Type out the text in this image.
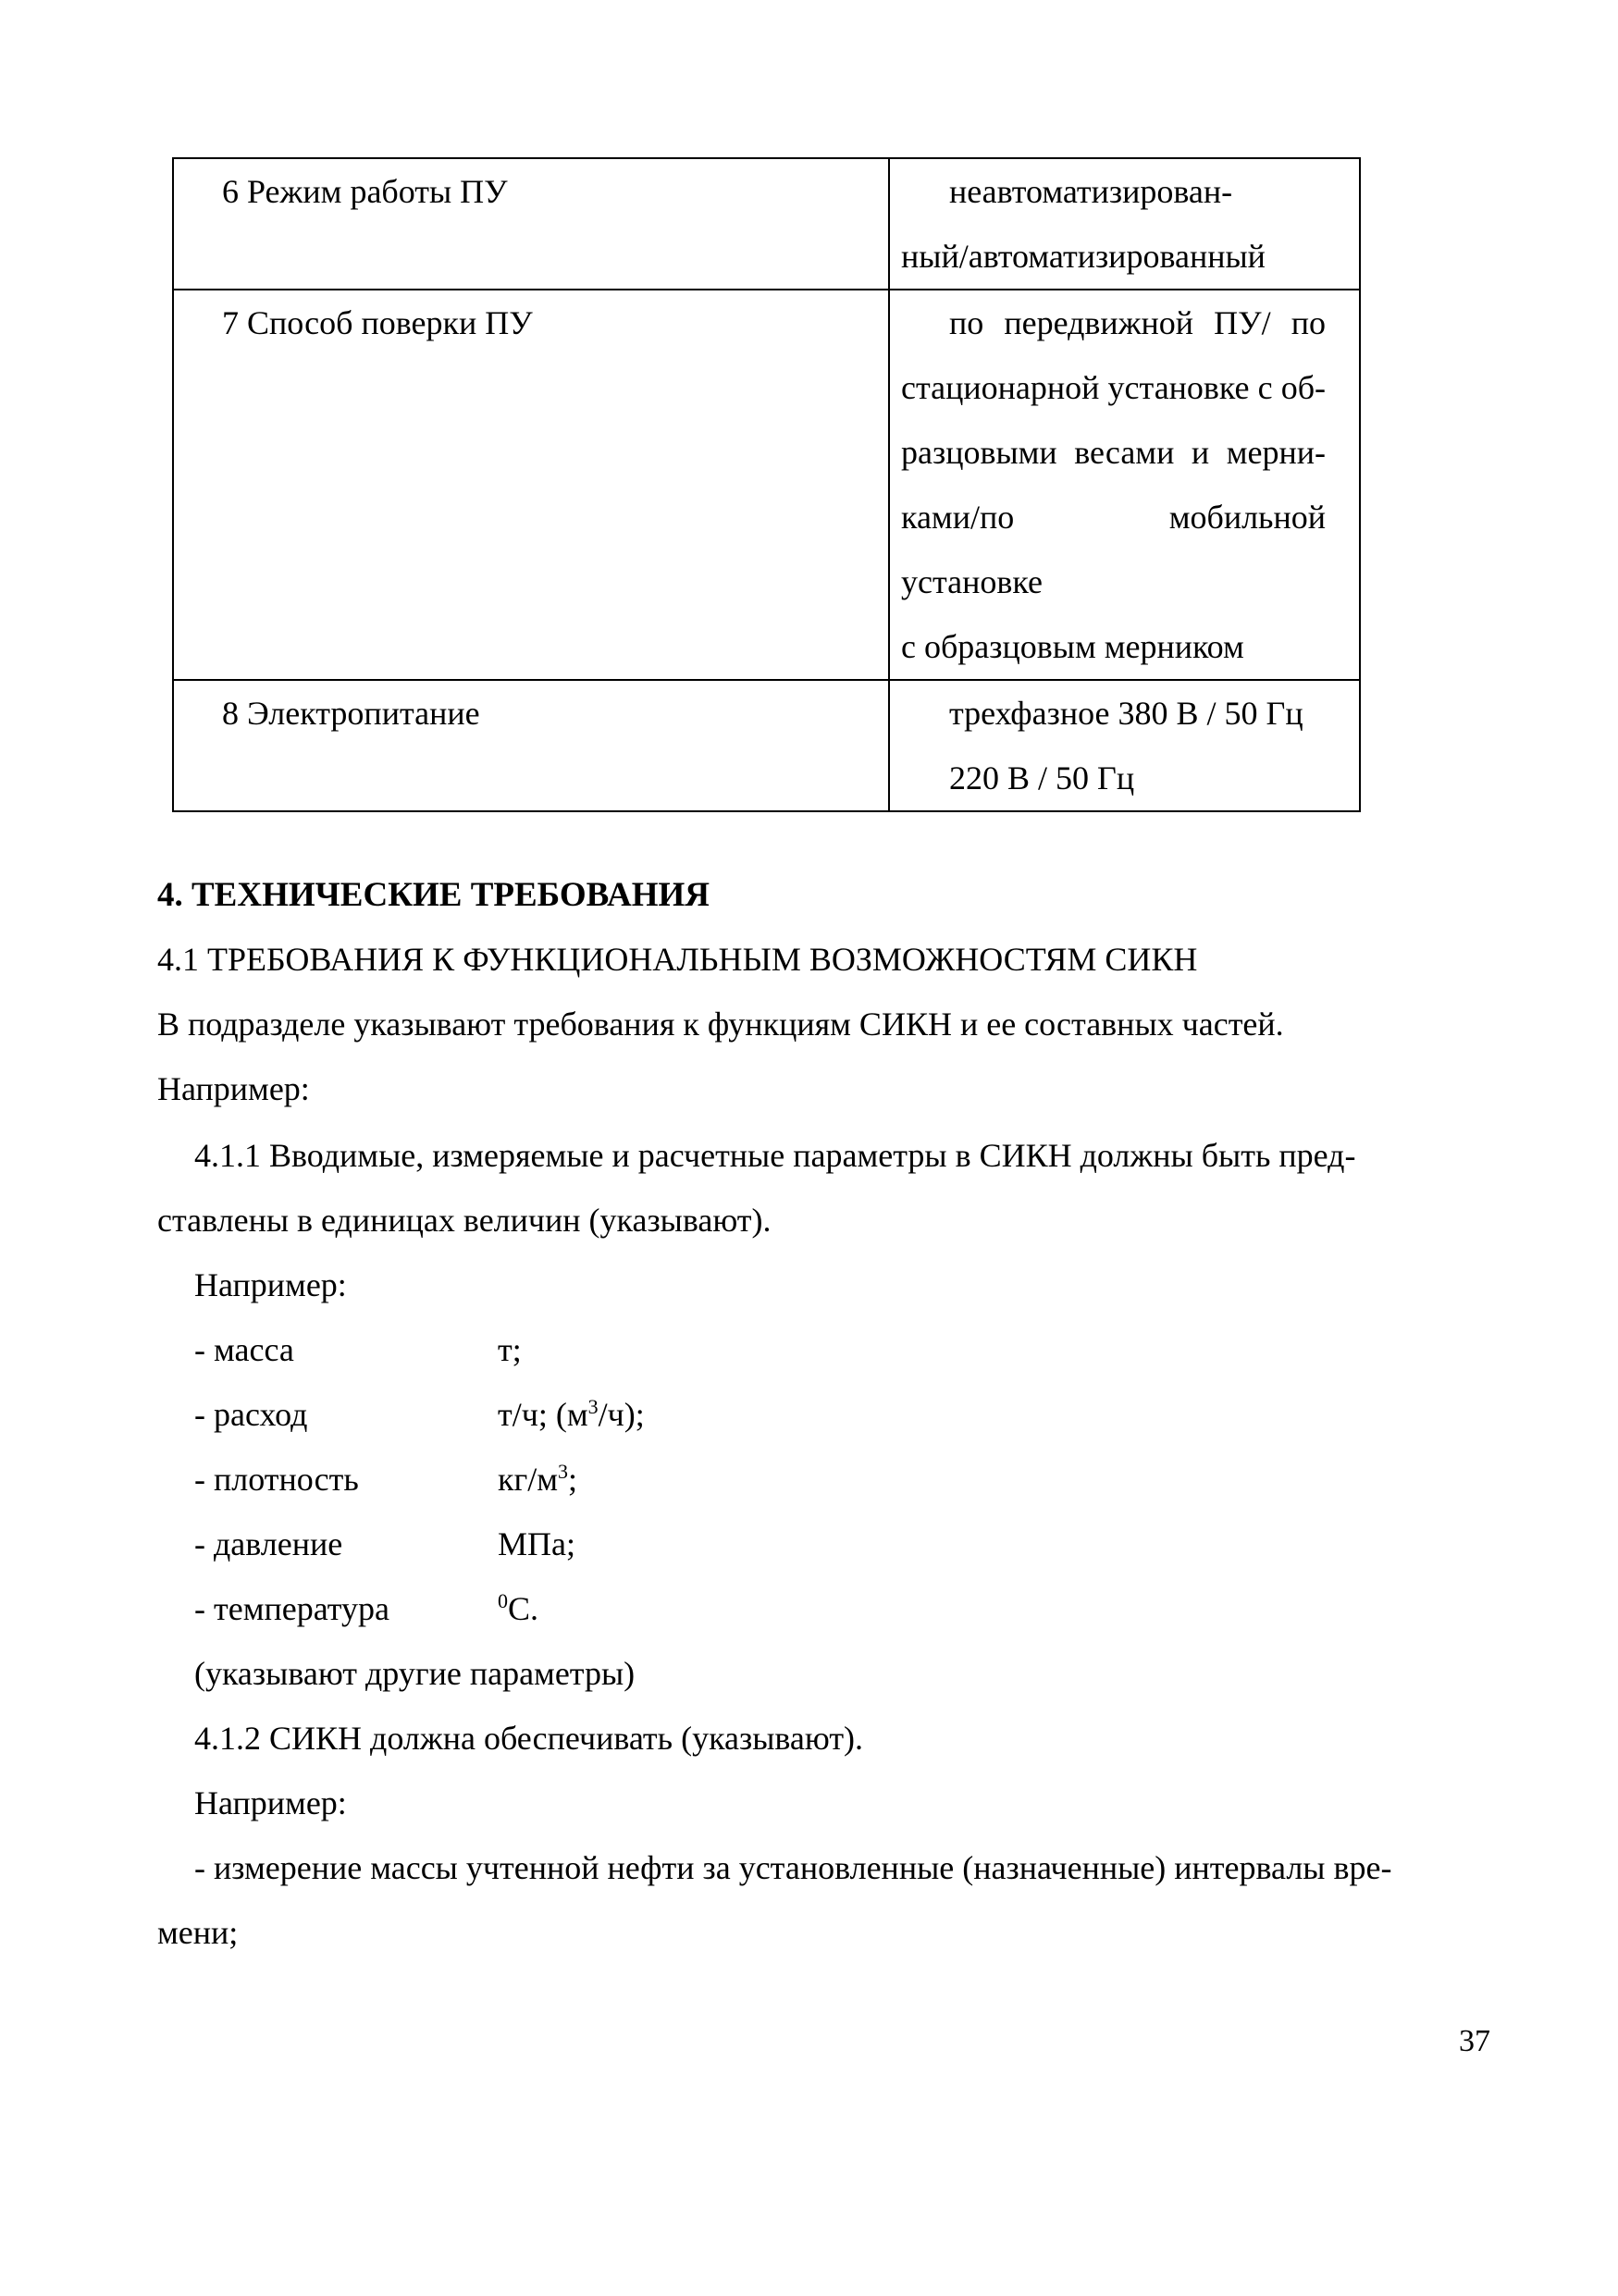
6 Режим работы ПУ	неавтоматизирован-
ный/автоматизированный

7 Способ поверки ПУ	по передвижной ПУ/ по
стационарной установке с об-
разцовыми весами и мерни-
ками/по мобильной установке
с образцовым мерником

8 Электропитание	трехфазное 380 В / 50 Гц
220 В / 50 Гц
4. ТЕХНИЧЕСКИЕ ТРЕБОВАНИЯ
4.1 ТРЕБОВАНИЯ К ФУНКЦИОНАЛЬНЫМ ВОЗМОЖНОСТЯМ СИКН
В подразделе указывают требования к функциям СИКН и ее составных частей.
Например:
4.1.1 Вводимые, измеряемые и расчетные параметры в СИКН должны быть пред-
ставлены в единицах величин (указывают).
Например:
- масса	т;
- расход	т/ч; $(м^3/ч)$;
- плотность	$кг/м^3$;
- давление	МПа;
- температура	$^0$С.
(указывают другие параметры)
4.1.2 СИКН должна обеспечивать (указывают).
Например:
- измерение массы учтенной нефти за установленные (назначенные) интервалы вре-
мени;
37
